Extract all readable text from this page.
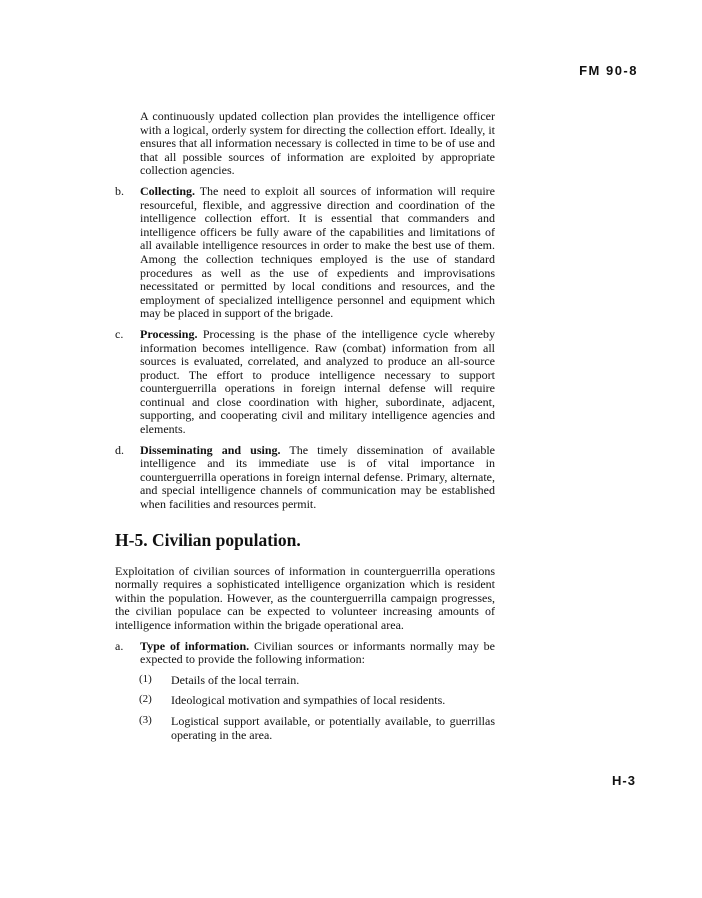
FM 90-8

A continuously updated collection plan provides the intelligence officer with a logical, orderly system for directing the collection effort. Ideally, it ensures that all information necessary is collected in time to be of use and that all possible sources of information are exploited by appropriate collection agencies.

b. Collecting. The need to exploit all sources of information will require resourceful, flexible, and aggressive direction and coordination of the intelligence collection effort. It is essential that commanders and intelligence officers be fully aware of the capabilities and limitations of all available intelligence resources in order to make the best use of them. Among the collection techniques employed is the use of standard procedures as well as the use of expedients and improvisations necessitated or permitted by local conditions and resources, and the employment of specialized intelligence personnel and equipment which may be placed in support of the brigade.

c. Processing. Processing is the phase of the intelligence cycle whereby information becomes intelligence. Raw (combat) information from all sources is evaluated, correlated, and analyzed to produce an all-source product. The effort to produce intelligence necessary to support counterguerrilla operations in foreign internal defense will require continual and close coordination with higher, subordinate, adjacent, supporting, and cooperating civil and military intelligence agencies and elements.

d. Disseminating and using. The timely dissemination of available intelligence and its immediate use is of vital importance in counterguerrilla operations in foreign internal defense. Primary, alternate, and special intelligence channels of communication may be established when facilities and resources permit.

H-5. Civilian population.

Exploitation of civilian sources of information in counterguerrilla operations normally requires a sophisticated intelligence organization which is resident within the population. However, as the counterguerrilla campaign progresses, the civilian populace can be expected to volunteer increasing amounts of intelligence information within the brigade operational area.

a. Type of information. Civilian sources or informants normally may be expected to provide the following information:

(1) Details of the local terrain.

(2) Ideological motivation and sympathies of local residents.

(3) Logistical support available, or potentially available, to guerrillas operating in the area.

H-3
